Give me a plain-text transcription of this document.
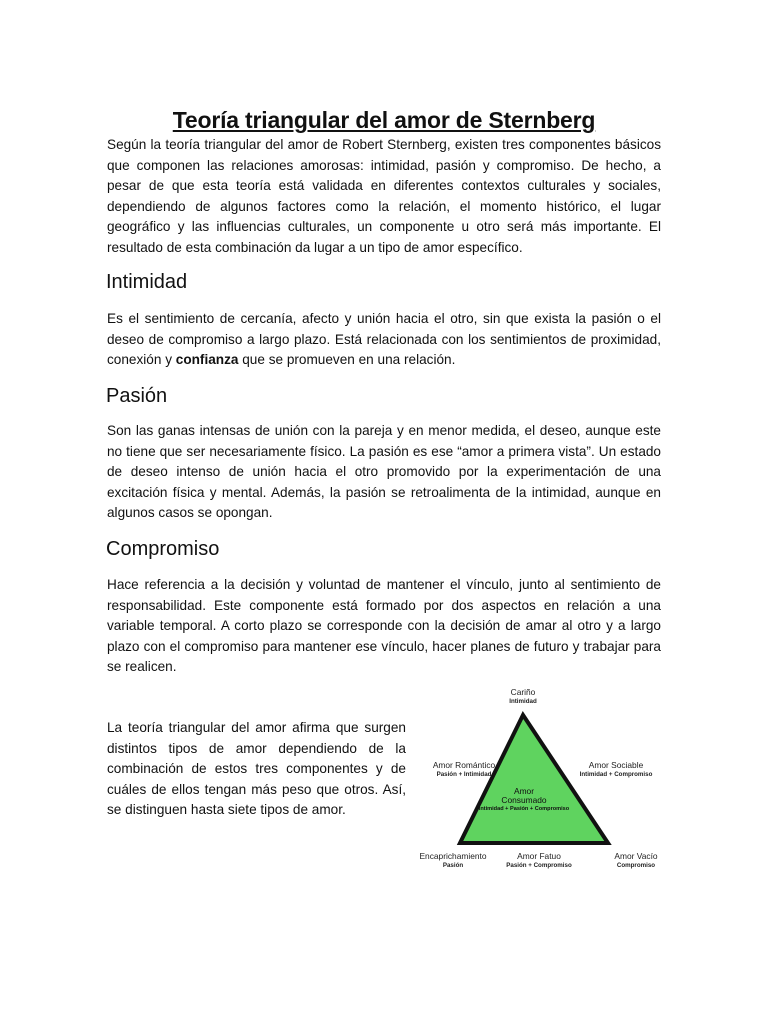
Teoría triangular del amor de Sternberg

Según la teoría triangular del amor de Robert Sternberg, existen tres componentes básicos que componen las relaciones amorosas: intimidad, pasión y compromiso. De hecho, a pesar de que esta teoría está validada en diferentes contextos culturales y sociales, dependiendo de algunos factores como la relación, el momento histórico, el lugar geográfico y las influencias culturales, un componente u otro será más importante. El resultado de esta combinación da lugar a un tipo de amor específico.

Intimidad

Es el sentimiento de cercanía, afecto y unión hacia el otro, sin que exista la pasión o el deseo de compromiso a largo plazo. Está relacionada con los sentimientos de proximidad, conexión y confianza que se promueven en una relación.

Pasión

Son las ganas intensas de unión con la pareja y en menor medida, el deseo, aunque este no tiene que ser necesariamente físico. La pasión es ese “amor a primera vista”. Un estado de deseo intenso de unión hacia el otro promovido por la experimentación de una excitación física y mental. Además, la pasión se retroalimenta de la intimidad, aunque en algunos casos se opongan.

Compromiso

Hace referencia a la decisión y voluntad de mantener el vínculo, junto al sentimiento de responsabilidad. Este componente está formado por dos aspectos en relación a una variable temporal. A corto plazo se corresponde con la decisión de amar al otro y a largo plazo con el compromiso para mantener ese vínculo, hacer planes de futuro y trabajar para se realicen.

La teoría triangular del amor afirma que surgen distintos tipos de amor dependiendo de la combinación de estos tres componentes y de cuáles de ellos tengan más peso que otros. Así, se distinguen hasta siete tipos de amor.

Cariño
Intimidad
Amor Romántico
Pasión + Intimidad
Amor Sociable
Intimidad + Compromiso
Amor
Consumado
Intimidad + Pasión + Compromiso
Encaprichamiento
Pasión
Amor Fatuo
Pasión + Compromiso
Amor Vacío
Compromiso
